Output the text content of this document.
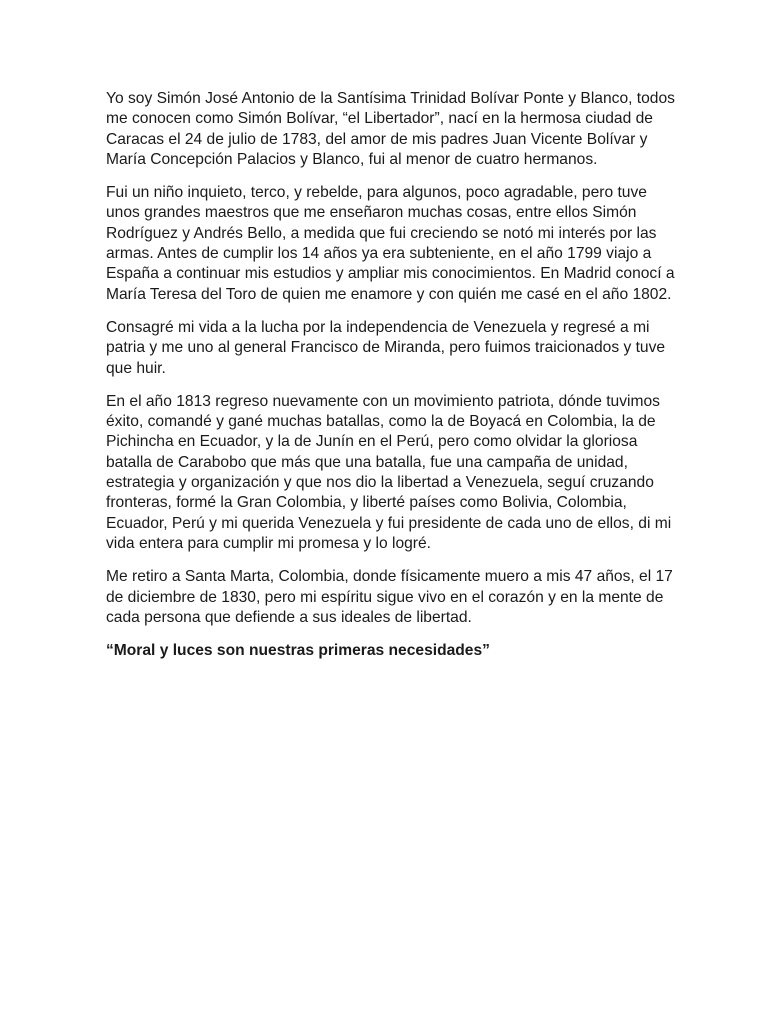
Yo soy Simón José Antonio de la Santísima Trinidad Bolívar Ponte y Blanco, todos
me conocen como Simón Bolívar, “el Libertador”, nací en la hermosa ciudad de
Caracas el 24 de julio de 1783, del amor de mis padres Juan Vicente Bolívar y
María Concepción Palacios y Blanco, fui al menor de cuatro hermanos.

Fui un niño inquieto, terco, y rebelde, para algunos, poco agradable, pero tuve
unos grandes maestros que me enseñaron muchas cosas, entre ellos Simón
Rodríguez y Andrés Bello, a medida que fui creciendo se notó mi interés por las
armas. Antes de cumplir los 14 años ya era subteniente, en el año 1799 viajo a
España a continuar mis estudios y ampliar mis conocimientos. En Madrid conocí a
María Teresa del Toro de quien me enamore y con quién me casé en el año 1802.

Consagré mi vida a la lucha por la independencia de Venezuela y regresé a mi
patria y me uno al general Francisco de Miranda, pero fuimos traicionados y tuve
que huir.

En el año 1813 regreso nuevamente con un movimiento patriota, dónde tuvimos
éxito, comandé y gané muchas batallas, como la de Boyacá en Colombia, la de
Pichincha en Ecuador, y la de Junín en el Perú, pero como olvidar la gloriosa
batalla de Carabobo que más que una batalla, fue una campaña de unidad,
estrategia y organización y que nos dio la libertad a Venezuela, seguí cruzando
fronteras, formé la Gran Colombia, y liberté países como Bolivia, Colombia,
Ecuador, Perú y mi querida Venezuela y fui presidente de cada uno de ellos, di mi
vida entera para cumplir mi promesa y lo logré.

Me retiro a Santa Marta, Colombia, donde físicamente muero a mis 47 años, el 17
de diciembre de 1830, pero mi espíritu sigue vivo en el corazón y en la mente de
cada persona que defiende a sus ideales de libertad.

“Moral y luces son nuestras primeras necesidades”
